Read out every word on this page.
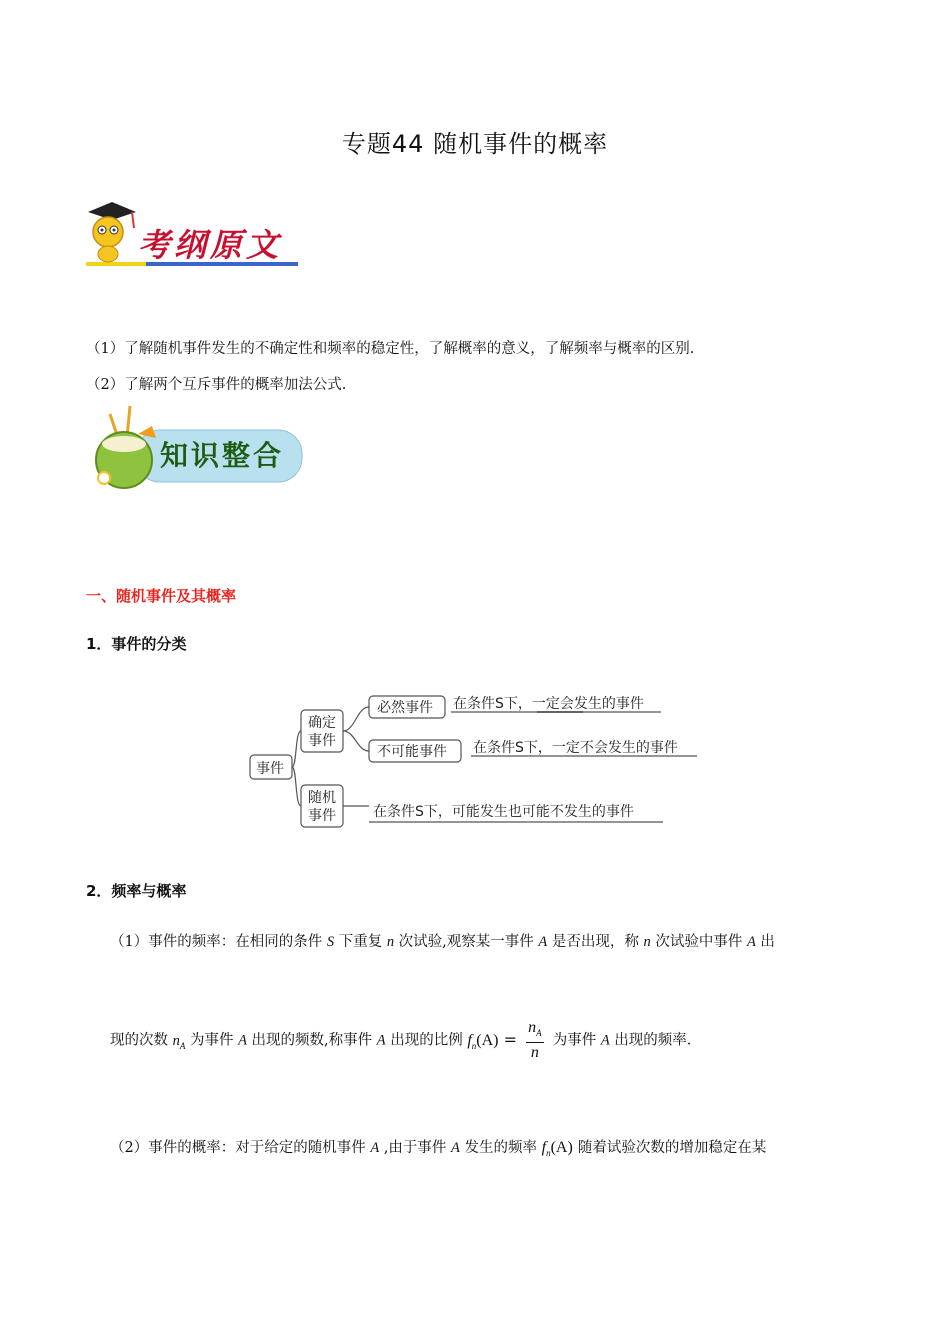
专题44 随机事件的概率
考纲原文
（1）了解随机事件发生的不确定性和频率的稳定性，了解概率的意义，了解频率与概率的区别.
（2）了解两个互斥事件的概率加法公式.
知识整合
一、随机事件及其概率
1．事件的分类
事件
确定
事件
随机
事件
必然事件
不可能事件
在条件S下，一定会发生的事件
在条件S下，一定不会发生的事件
在条件S下，可能发生也可能不发生的事件
2．频率与概率
（1）事件的频率：在相同的条件 S 下重复 n 次试验,观察某一事件 A 是否出现，称 n 次试验中事件 A 出
现的次数 $n_A$ 为事件 A 出现的频数,称事件 A 出现的比例 $f_n(A) = \frac{n_A}{n}$ 为事件 A 出现的频率.
（2）事件的概率：对于给定的随机事件 A ,由于事件 A 发生的频率 $f_n(A)$ 随着试验次数的增加稳定在某
